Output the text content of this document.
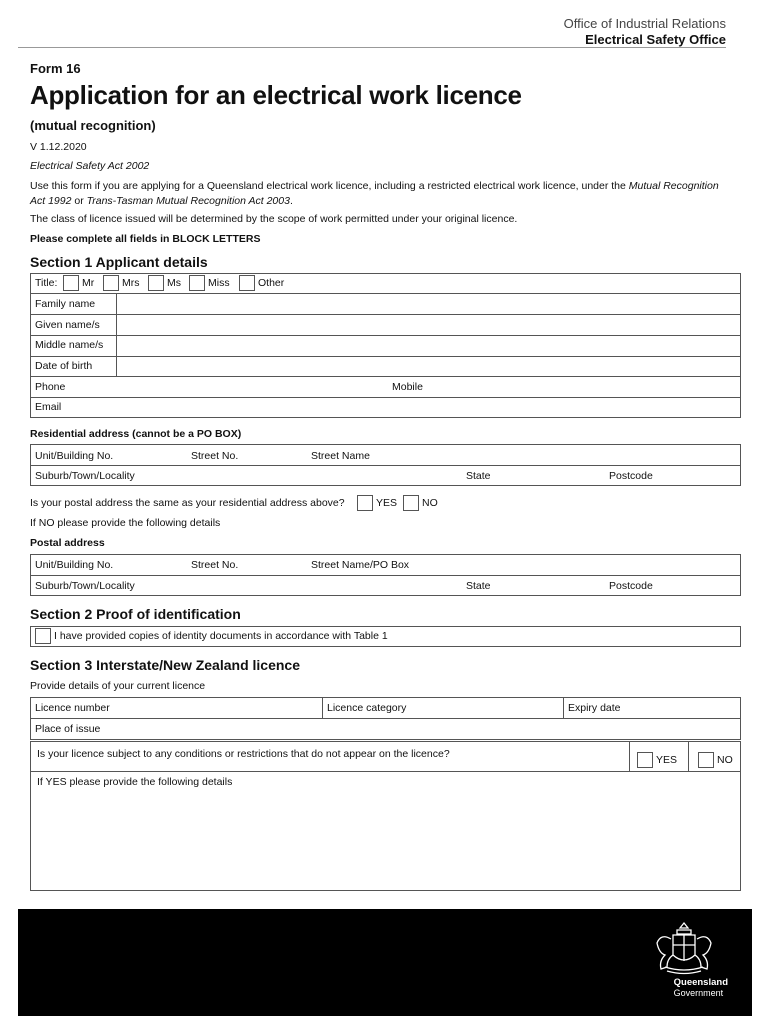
Office of Industrial Relations
Electrical Safety Office
Form 16
Application for an electrical work licence
(mutual recognition)
V 1.12.2020
Electrical Safety Act 2002
Use this form if you are applying for a Queensland electrical work licence, including a restricted electrical work licence, under the Mutual Recognition Act 1992 or Trans-Tasman Mutual Recognition Act 2003.
The class of licence issued will be determined by the scope of work permitted under your original licence.
Please complete all fields in BLOCK LETTERS
Section 1 Applicant details
Title: Mr	Mrs	Ms	Miss	Other
Family name
Given name/s
Middle name/s
Date of birth
Phone	Mobile
Email
Residential address (cannot be a PO BOX)
Unit/Building No.	Street No.	Street Name
Suburb/Town/Locality	State	Postcode
Is your postal address the same as your residential address above?	YES NO
If NO please provide the following details
Postal address
Unit/Building No.	Street No.	Street Name/PO Box
Suburb/Town/Locality	State	Postcode
Section 2 Proof of identification
I have provided copies of identity documents in accordance with Table 1
Section 3 Interstate/New Zealand licence
Provide details of your current licence
Licence number	Licence category	Expiry date
Place of issue
Is your licence subject to any conditions or restrictions that do not appear on the licence?	YES	NO
If YES please provide the following details
Queensland
Government
